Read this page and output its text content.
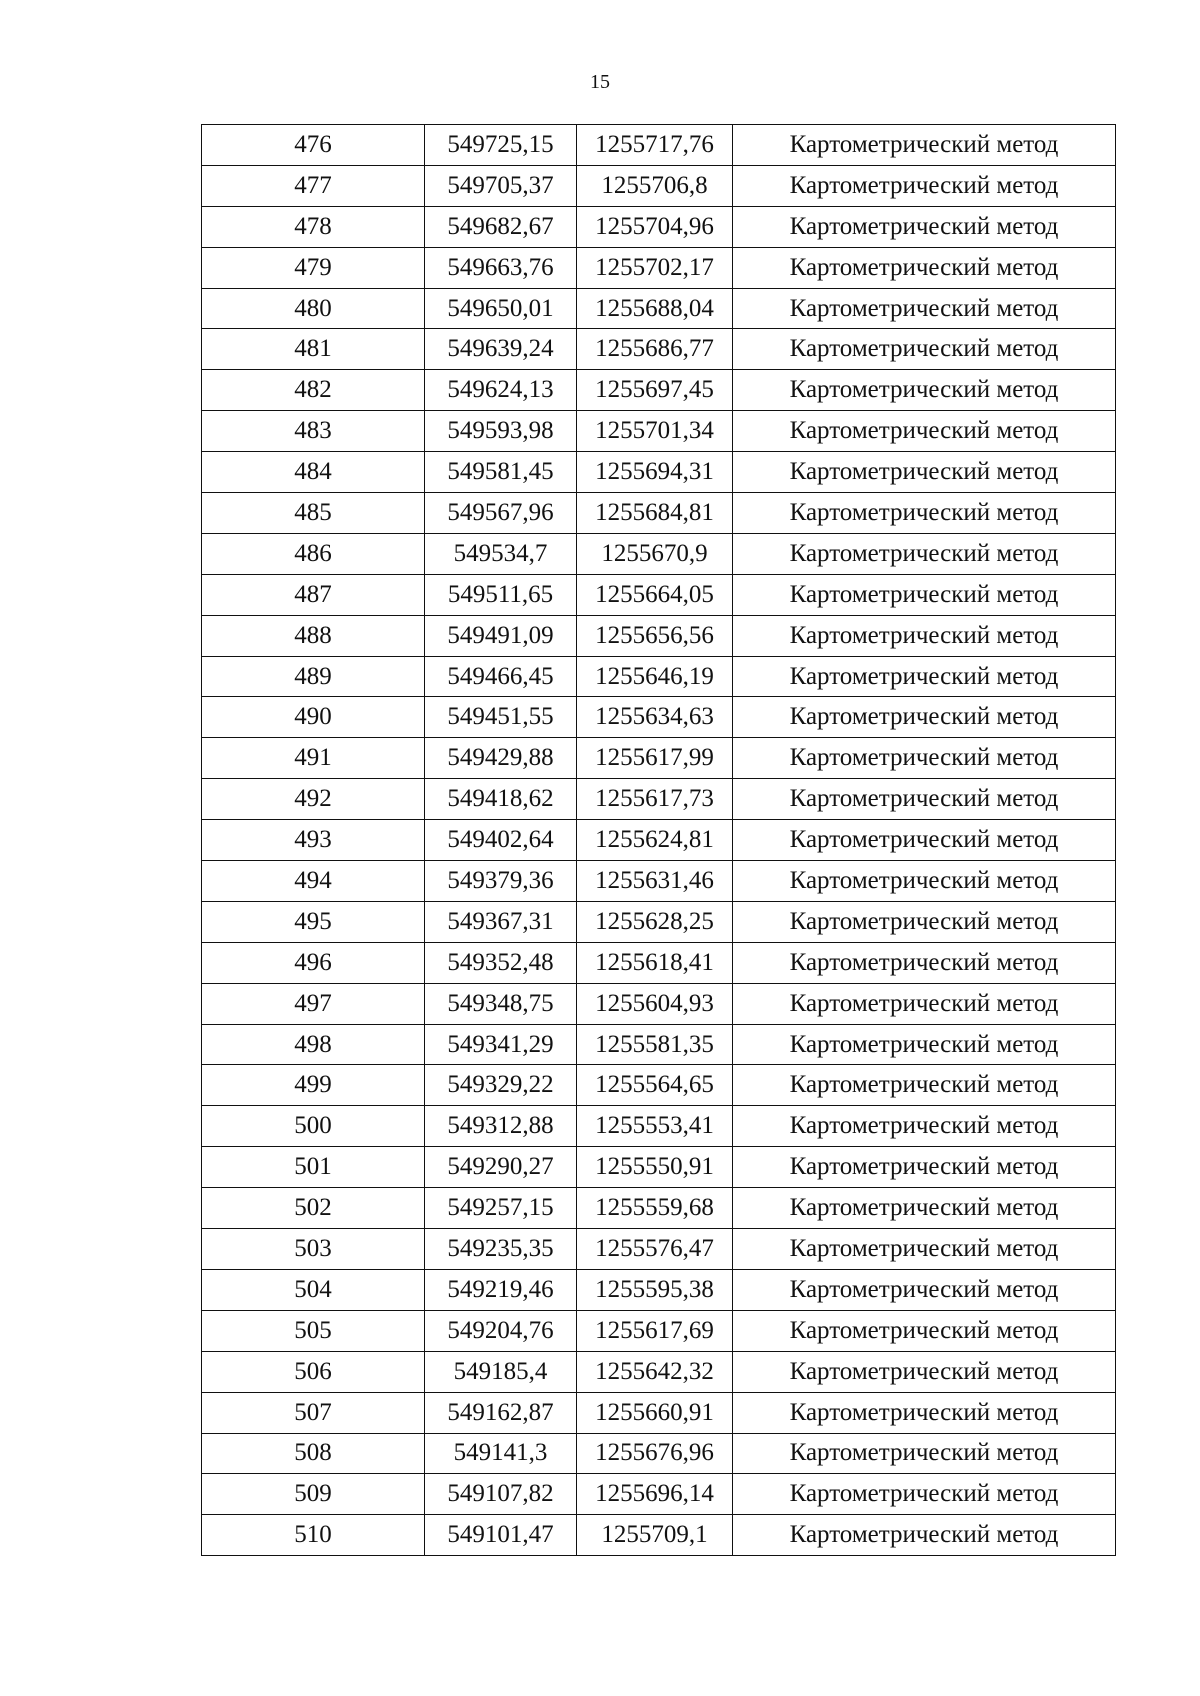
15
476	549725,15	1255717,76	Картометрический метод
477	549705,37	1255706,8	Картометрический метод
478	549682,67	1255704,96	Картометрический метод
479	549663,76	1255702,17	Картометрический метод
480	549650,01	1255688,04	Картометрический метод
481	549639,24	1255686,77	Картометрический метод
482	549624,13	1255697,45	Картометрический метод
483	549593,98	1255701,34	Картометрический метод
484	549581,45	1255694,31	Картометрический метод
485	549567,96	1255684,81	Картометрический метод
486	549534,7	1255670,9	Картометрический метод
487	549511,65	1255664,05	Картометрический метод
488	549491,09	1255656,56	Картометрический метод
489	549466,45	1255646,19	Картометрический метод
490	549451,55	1255634,63	Картометрический метод
491	549429,88	1255617,99	Картометрический метод
492	549418,62	1255617,73	Картометрический метод
493	549402,64	1255624,81	Картометрический метод
494	549379,36	1255631,46	Картометрический метод
495	549367,31	1255628,25	Картометрический метод
496	549352,48	1255618,41	Картометрический метод
497	549348,75	1255604,93	Картометрический метод
498	549341,29	1255581,35	Картометрический метод
499	549329,22	1255564,65	Картометрический метод
500	549312,88	1255553,41	Картометрический метод
501	549290,27	1255550,91	Картометрический метод
502	549257,15	1255559,68	Картометрический метод
503	549235,35	1255576,47	Картометрический метод
504	549219,46	1255595,38	Картометрический метод
505	549204,76	1255617,69	Картометрический метод
506	549185,4	1255642,32	Картометрический метод
507	549162,87	1255660,91	Картометрический метод
508	549141,3	1255676,96	Картометрический метод
509	549107,82	1255696,14	Картометрический метод
510	549101,47	1255709,1	Картометрический метод
